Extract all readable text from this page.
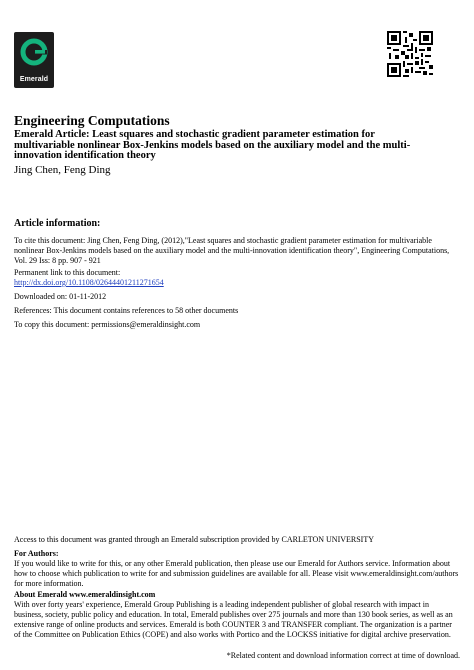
Emerald
Engineering Computations
Emerald Article: Least squares and stochastic gradient parameter estimation for multivariable nonlinear Box-Jenkins models based on the auxiliary model and the multi-innovation identification theory
Jing Chen, Feng Ding
Article information:

To cite this document: Jing Chen, Feng Ding, (2012),"Least squares and stochastic gradient parameter estimation for multivariable nonlinear Box-Jenkins models based on the auxiliary model and the multi-innovation identification theory", Engineering Computations, Vol. 29 Iss: 8 pp. 907 - 921

Permanent link to this document:
http://dx.doi.org/10.1108/02644401211271654
Downloaded on: 01-11-2012
References: This document contains references to 58 other documents
To copy this document: permissions@emeraldinsight.com
Access to this document was granted through an Emerald subscription provided by CARLETON UNIVERSITY
For Authors:

If you would like to write for this, or any other Emerald publication, then please use our Emerald for Authors service. Information about how to choose which publication to write for and submission guidelines are available for all. Please visit www.emeraldinsight.com/authors for more information.

About Emerald www.emeraldinsight.com

With over forty years' experience, Emerald Group Publishing is a leading independent publisher of global research with impact in business, society, public policy and education. In total, Emerald publishes over 275 journals and more than 130 book series, as well as an extensive range of online products and services. Emerald is both COUNTER 3 and TRANSFER compliant. The organization is a partner of the Committee on Publication Ethics (COPE) and also works with Portico and the LOCKSS initiative for digital archive preservation.

*Related content and download information correct at time of download.
